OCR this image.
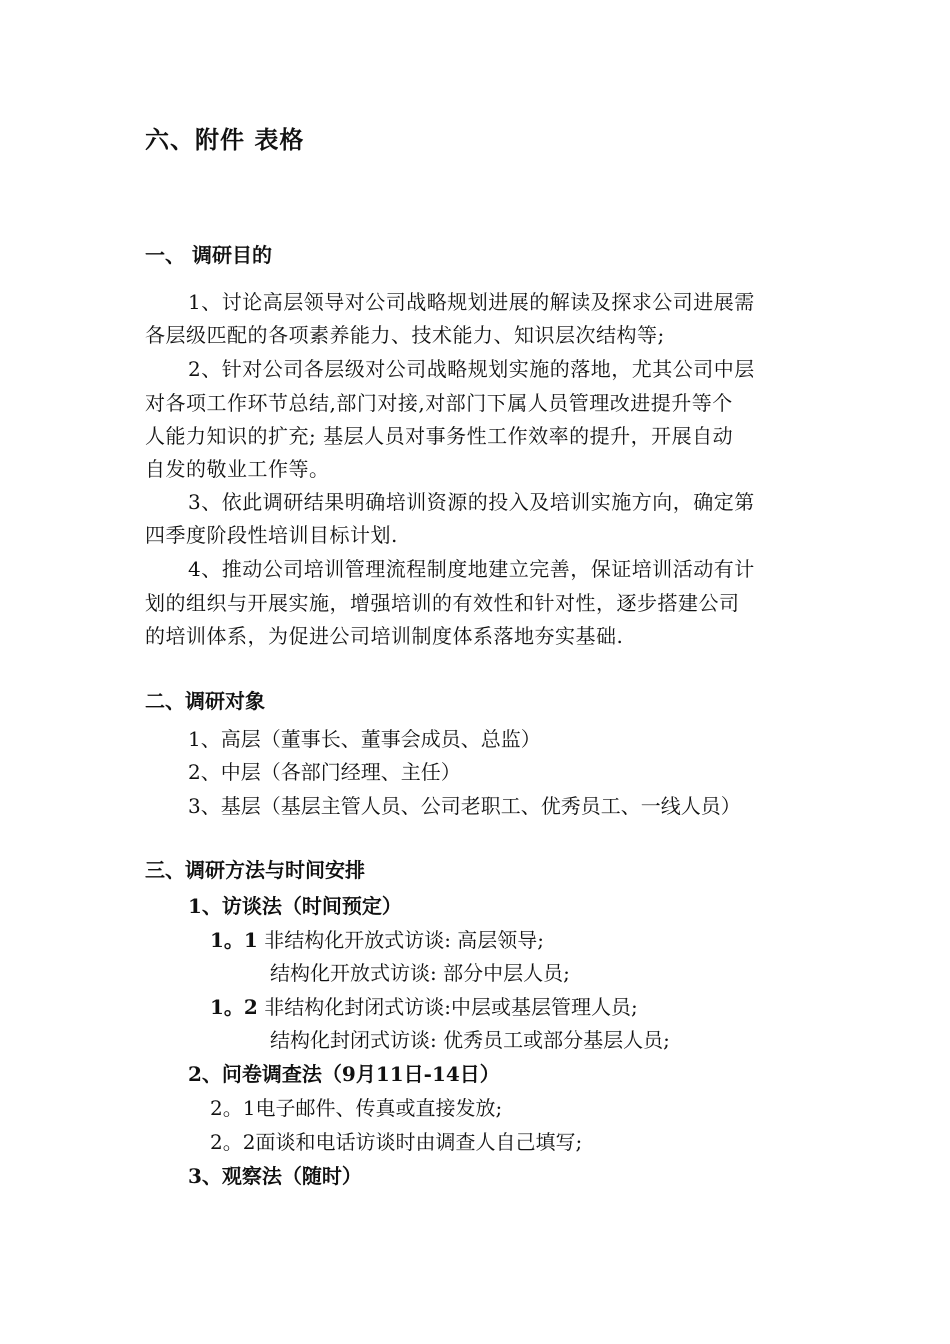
六、附件 表格
一、 调研目的
1、讨论高层领导对公司战略规划进展的解读及探求公司进展需
各层级匹配的各项素养能力、技术能力、知识层次结构等;
2、针对公司各层级对公司战略规划实施的落地，尤其公司中层
对各项工作环节总结,部门对接,对部门下属人员管理改进提升等个
人能力知识的扩充; 基层人员对事务性工作效率的提升，开展自动
自发的敬业工作等。
3、依此调研结果明确培训资源的投入及培训实施方向，确定第
四季度阶段性培训目标计划.
4、推动公司培训管理流程制度地建立完善，保证培训活动有计
划的组织与开展实施，增强培训的有效性和针对性，逐步搭建公司
的培训体系，为促进公司培训制度体系落地夯实基础.
二、调研对象
1、高层（董事长、董事会成员、总监）
2、中层（各部门经理、主任）
3、基层（基层主管人员、公司老职工、优秀员工、一线人员）
三、调研方法与时间安排
1、访谈法（时间预定）
1。1 非结构化开放式访谈: 高层领导;
结构化开放式访谈: 部分中层人员;
1。2 非结构化封闭式访谈:中层或基层管理人员;
结构化封闭式访谈: 优秀员工或部分基层人员;
2、问卷调查法（9月11日-14日）
2。1电子邮件、传真或直接发放;
2。2面谈和电话访谈时由调查人自己填写;
3、观察法（随时）
